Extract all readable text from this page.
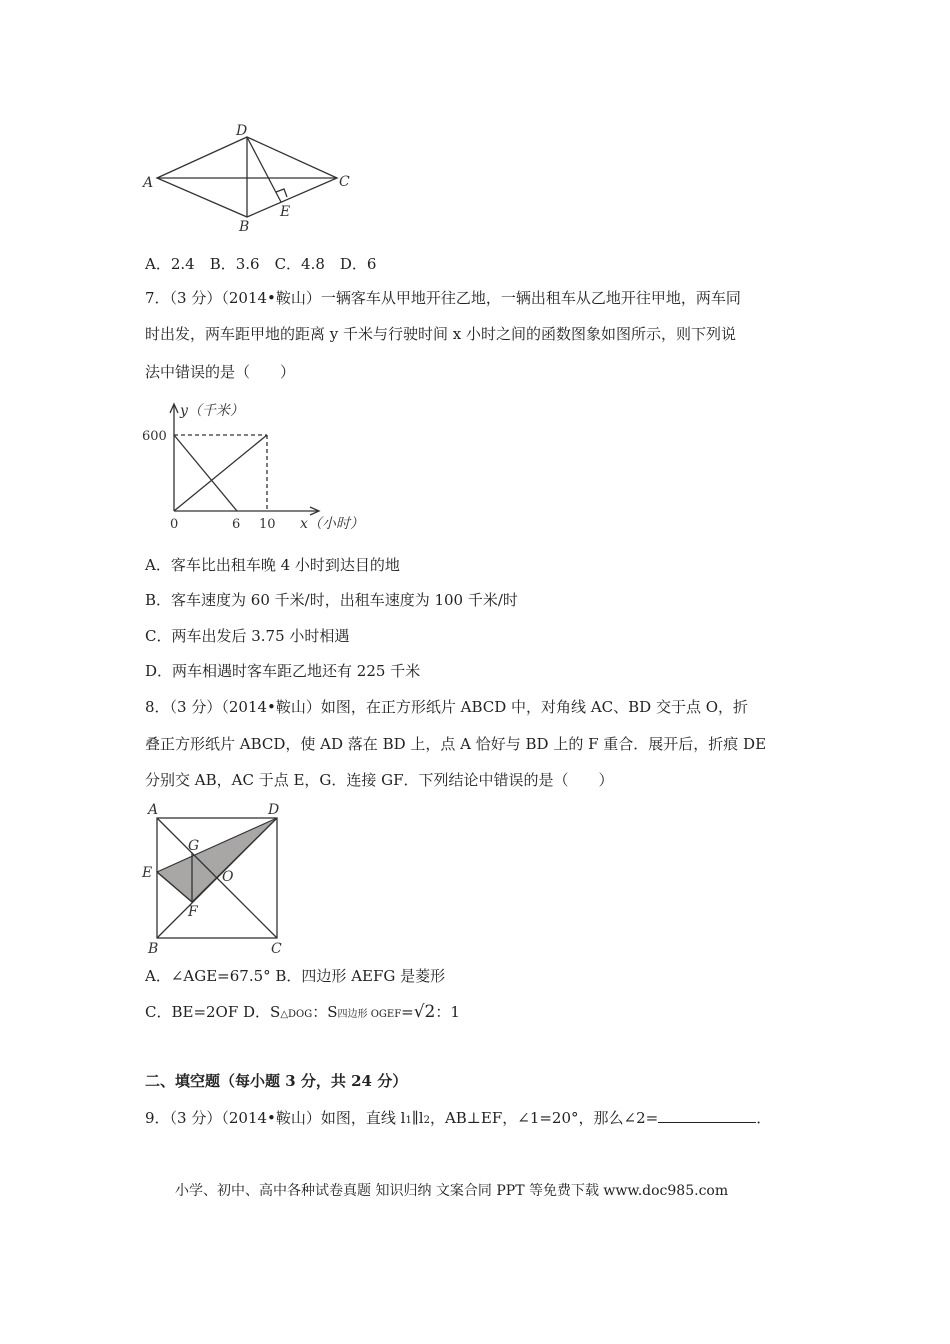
A
D
C
B
E
A．2.4　B．3.6　C．4.8　D．6
7．（3 分）（2014•鞍山）一辆客车从甲地开往乙地，一辆出租车从乙地开往甲地，两车同
时出发，两车距甲地的距离 y 千米与行驶时间 x 小时之间的函数图象如图所示，则下列说
法中错误的是（　　）
y（千米）
600
0	6 10 x（小时）
A．客车比出租车晚 4 小时到达目的地
B．客车速度为 60 千米/时，出租车速度为 100 千米/时
C．两车出发后 3.75 小时相遇
D．两车相遇时客车距乙地还有 225 千米
8．（3 分）（2014•鞍山）如图，在正方形纸片 ABCD 中，对角线 AC、BD 交于点 O，折
叠正方形纸片 ABCD，使 AD 落在 BD 上，点 A 恰好与 BD 上的 F 重合．展开后，折痕 DE
分别交 AB，AC 于点 E，G．连接 GF．下列结论中错误的是（　　）
A	D
G
E	O
F
B	C
A．∠AGE=67.5° B．四边形 AEFG 是菱形
C．BE=2OF D．S△DOG：S四边形 OGEF=√2：1
二、填空题（每小题 3 分，共 24 分）
9．（3 分）（2014•鞍山）如图，直线 l1∥l2，AB⊥EF，∠1=20°，那么∠2=	．
小学、初中、高中各种试卷真题 知识归纳 文案合同 PPT 等免费下载 www.doc985.com
